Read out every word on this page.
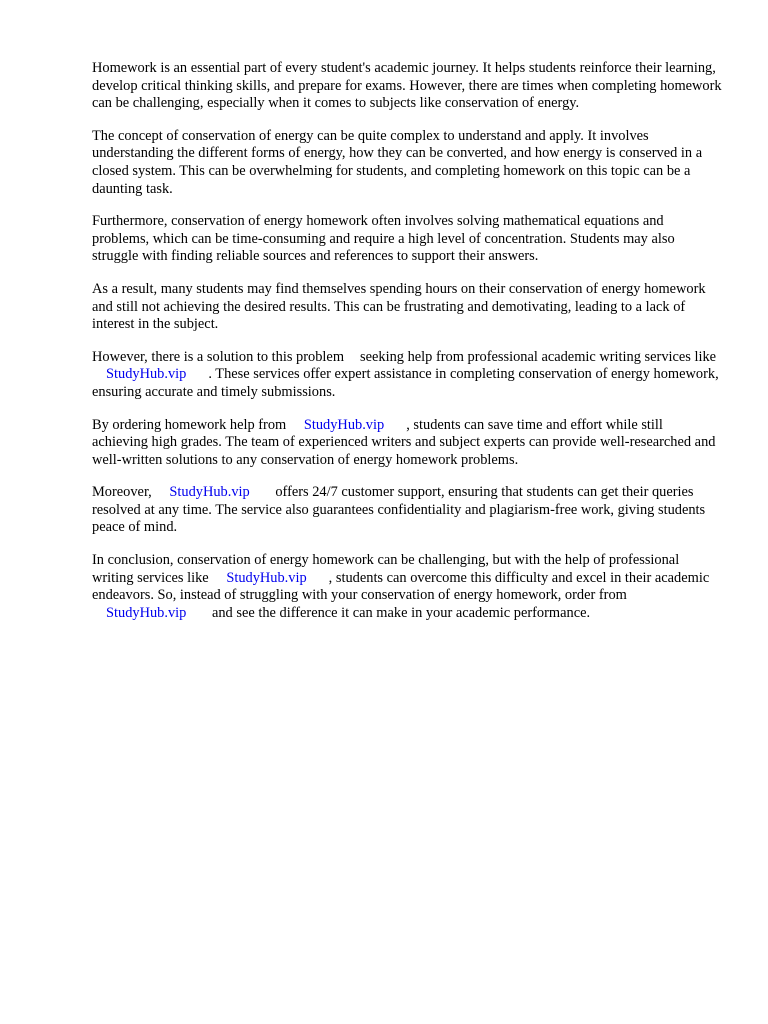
Homework is an essential part of every student's academic journey. It helps students reinforce their learning, develop critical thinking skills, and prepare for exams. However, there are times when completing homework can be challenging, especially when it comes to subjects like conservation of energy.

The concept of conservation of energy can be quite complex to understand and apply. It involves understanding the different forms of energy, how they can be converted, and how energy is conserved in a closed system. This can be overwhelming for students, and completing homework on this topic can be a daunting task.

Furthermore, conservation of energy homework often involves solving mathematical equations and problems, which can be time-consuming and require a high level of concentration. Students may also struggle with finding reliable sources and references to support their answers.

As a result, many students may find themselves spending hours on their conservation of energy homework and still not achieving the desired results. This can be frustrating and demotivating, leading to a lack of interest in the subject.

However, there is a solution to this problem seeking help from professional academic writing services like StudyHub.vip . These services offer expert assistance in completing conservation of energy homework, ensuring accurate and timely submissions.

By ordering homework help from StudyHub.vip , students can save time and effort while still achieving high grades. The team of experienced writers and subject experts can provide well-researched and well-written solutions to any conservation of energy homework problems.

Moreover, StudyHub.vip offers 24/7 customer support, ensuring that students can get their queries resolved at any time. The service also guarantees confidentiality and plagiarism-free work, giving students peace of mind.

In conclusion, conservation of energy homework can be challenging, but with the help of professional writing services like StudyHub.vip , students can overcome this difficulty and excel in their academic endeavors. So, instead of struggling with your conservation of energy homework, order from StudyHub.vip and see the difference it can make in your academic performance.
